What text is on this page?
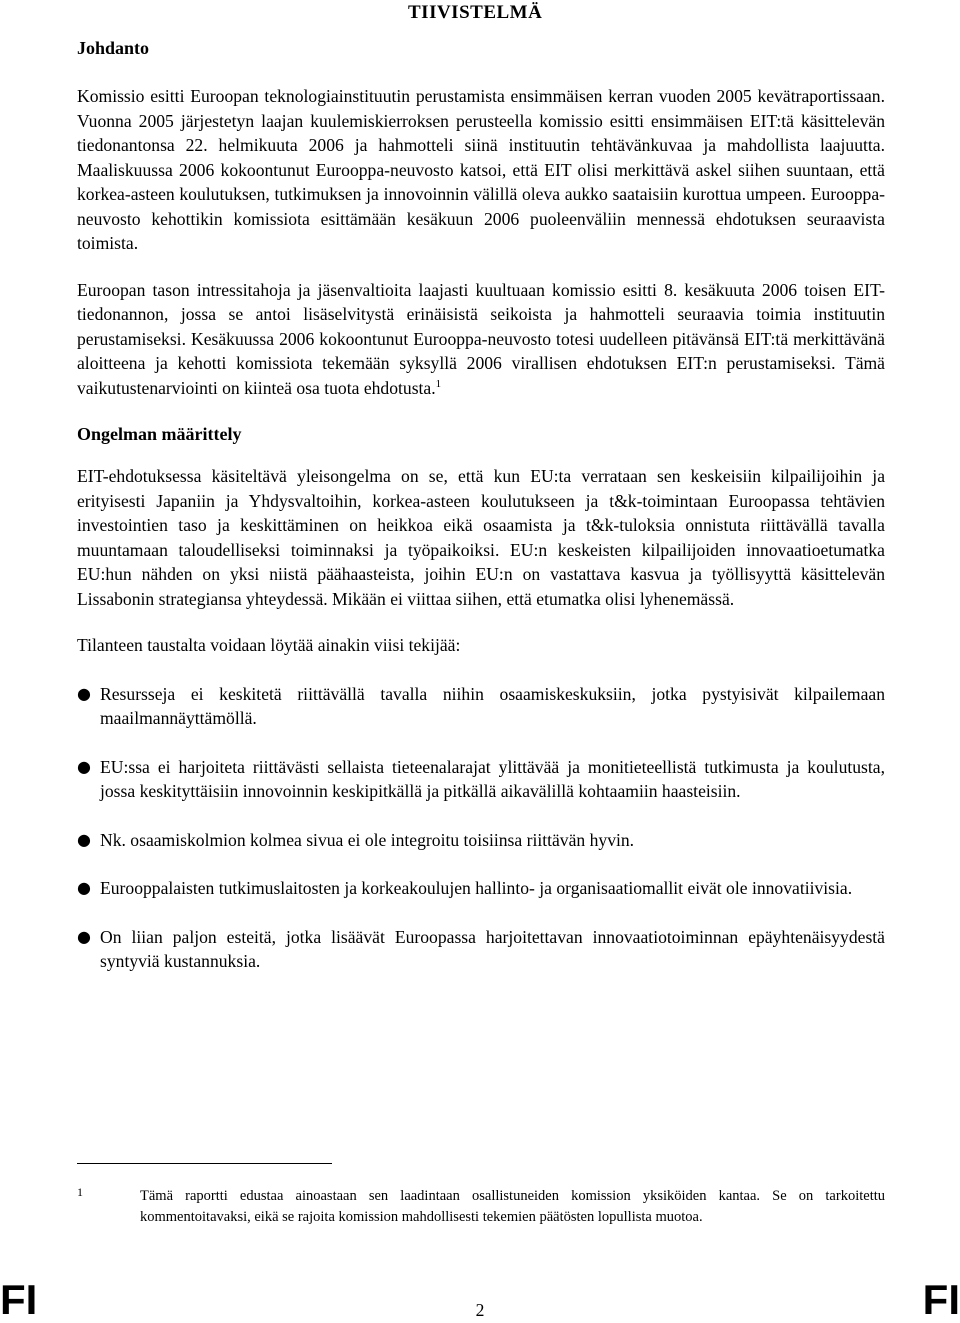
TIIVISTELMÄ
Johdanto

Komissio esitti Euroopan teknologiainstituutin perustamista ensimmäisen kerran vuoden 2005 kevätraportissaan. Vuonna 2005 järjestetyn laajan kuulemiskierroksen perusteella komissio esitti ensimmäisen EIT:tä käsittelevän tiedonantonsa 22. helmikuuta 2006 ja hahmotteli siinä instituutin tehtävänkuvaa ja mahdollista laajuutta. Maaliskuussa 2006 kokoontunut Eurooppa-neuvosto katsoi, että EIT olisi merkittävä askel siihen suuntaan, että korkea-asteen koulutuksen, tutkimuksen ja innovoinnin välillä oleva aukko saataisiin kurottua umpeen. Eurooppa-neuvosto kehottikin komissiota esittämään kesäkuun 2006 puoleenväliin mennessä ehdotuksen seuraavista toimista.

Euroopan tason intressitahoja ja jäsenvaltioita laajasti kuultuaan komissio esitti 8. kesäkuuta 2006 toisen EIT-tiedonannon, jossa se antoi lisäselvitystä erinäisistä seikoista ja hahmotteli seuraavia toimia instituutin perustamiseksi. Kesäkuussa 2006 kokoontunut Eurooppa-neuvosto totesi uudelleen pitävänsä EIT:tä merkittävänä aloitteena ja kehotti komissiota tekemään syksyllä 2006 virallisen ehdotuksen EIT:n perustamiseksi. Tämä vaikutustenarviointi on kiinteä osa tuota ehdotusta.$^1$

Ongelman määrittely

EIT-ehdotuksessa käsiteltävä yleisongelma on se, että kun EU:ta verrataan sen keskeisiin kilpailijoihin ja erityisesti Japaniin ja Yhdysvaltoihin, korkea-asteen koulutukseen ja t&k-toimintaan Euroopassa tehtävien investointien taso ja keskittäminen on heikkoa eikä osaamista ja t&k-tuloksia onnistuta riittävällä tavalla muuntamaan taloudelliseksi toiminnaksi ja työpaikoiksi. EU:n keskeisten kilpailijoiden innovaatioetumatka EU:hun nähden on yksi niistä päähaasteista, joihin EU:n on vastattava kasvua ja työllisyyttä käsittelevän Lissabonin strategiansa yhteydessä. Mikään ei viittaa siihen, että etumatka olisi lyhenemässä.

Tilanteen taustalta voidaan löytää ainakin viisi tekijää:

● Resursseja ei keskitetä riittävällä tavalla niihin osaamiskeskuksiin, jotka pystyisivät kilpailemaan maailmannäyttämöllä.
● EU:ssa ei harjoiteta riittävästi sellaista tieteenalarajat ylittävää ja monitieteellistä tutkimusta ja koulutusta, jossa keskityttäisiin innovoinnin keskipitkällä ja pitkällä aikavälillä kohtaamiin haasteisiin.
● Nk. osaamiskolmion kolmea sivua ei ole integroitu toisiinsa riittävän hyvin.
● Eurooppalaisten tutkimuslaitosten ja korkeakoulujen hallinto- ja organisaatiomallit eivät ole innovatiivisia.
● On liian paljon esteitä, jotka lisäävät Euroopassa harjoitettavan innovaatiotoiminnan epäyhtenäisyydestä syntyviä kustannuksia.
1	Tämä raportti edustaa ainoastaan sen laadintaan osallistuneiden komission yksiköiden kantaa. Se on tarkoitettu kommentoitavaksi, eikä se rajoita komission mahdollisesti tekemien päätösten lopullista muotoa.
FI	2	FI
